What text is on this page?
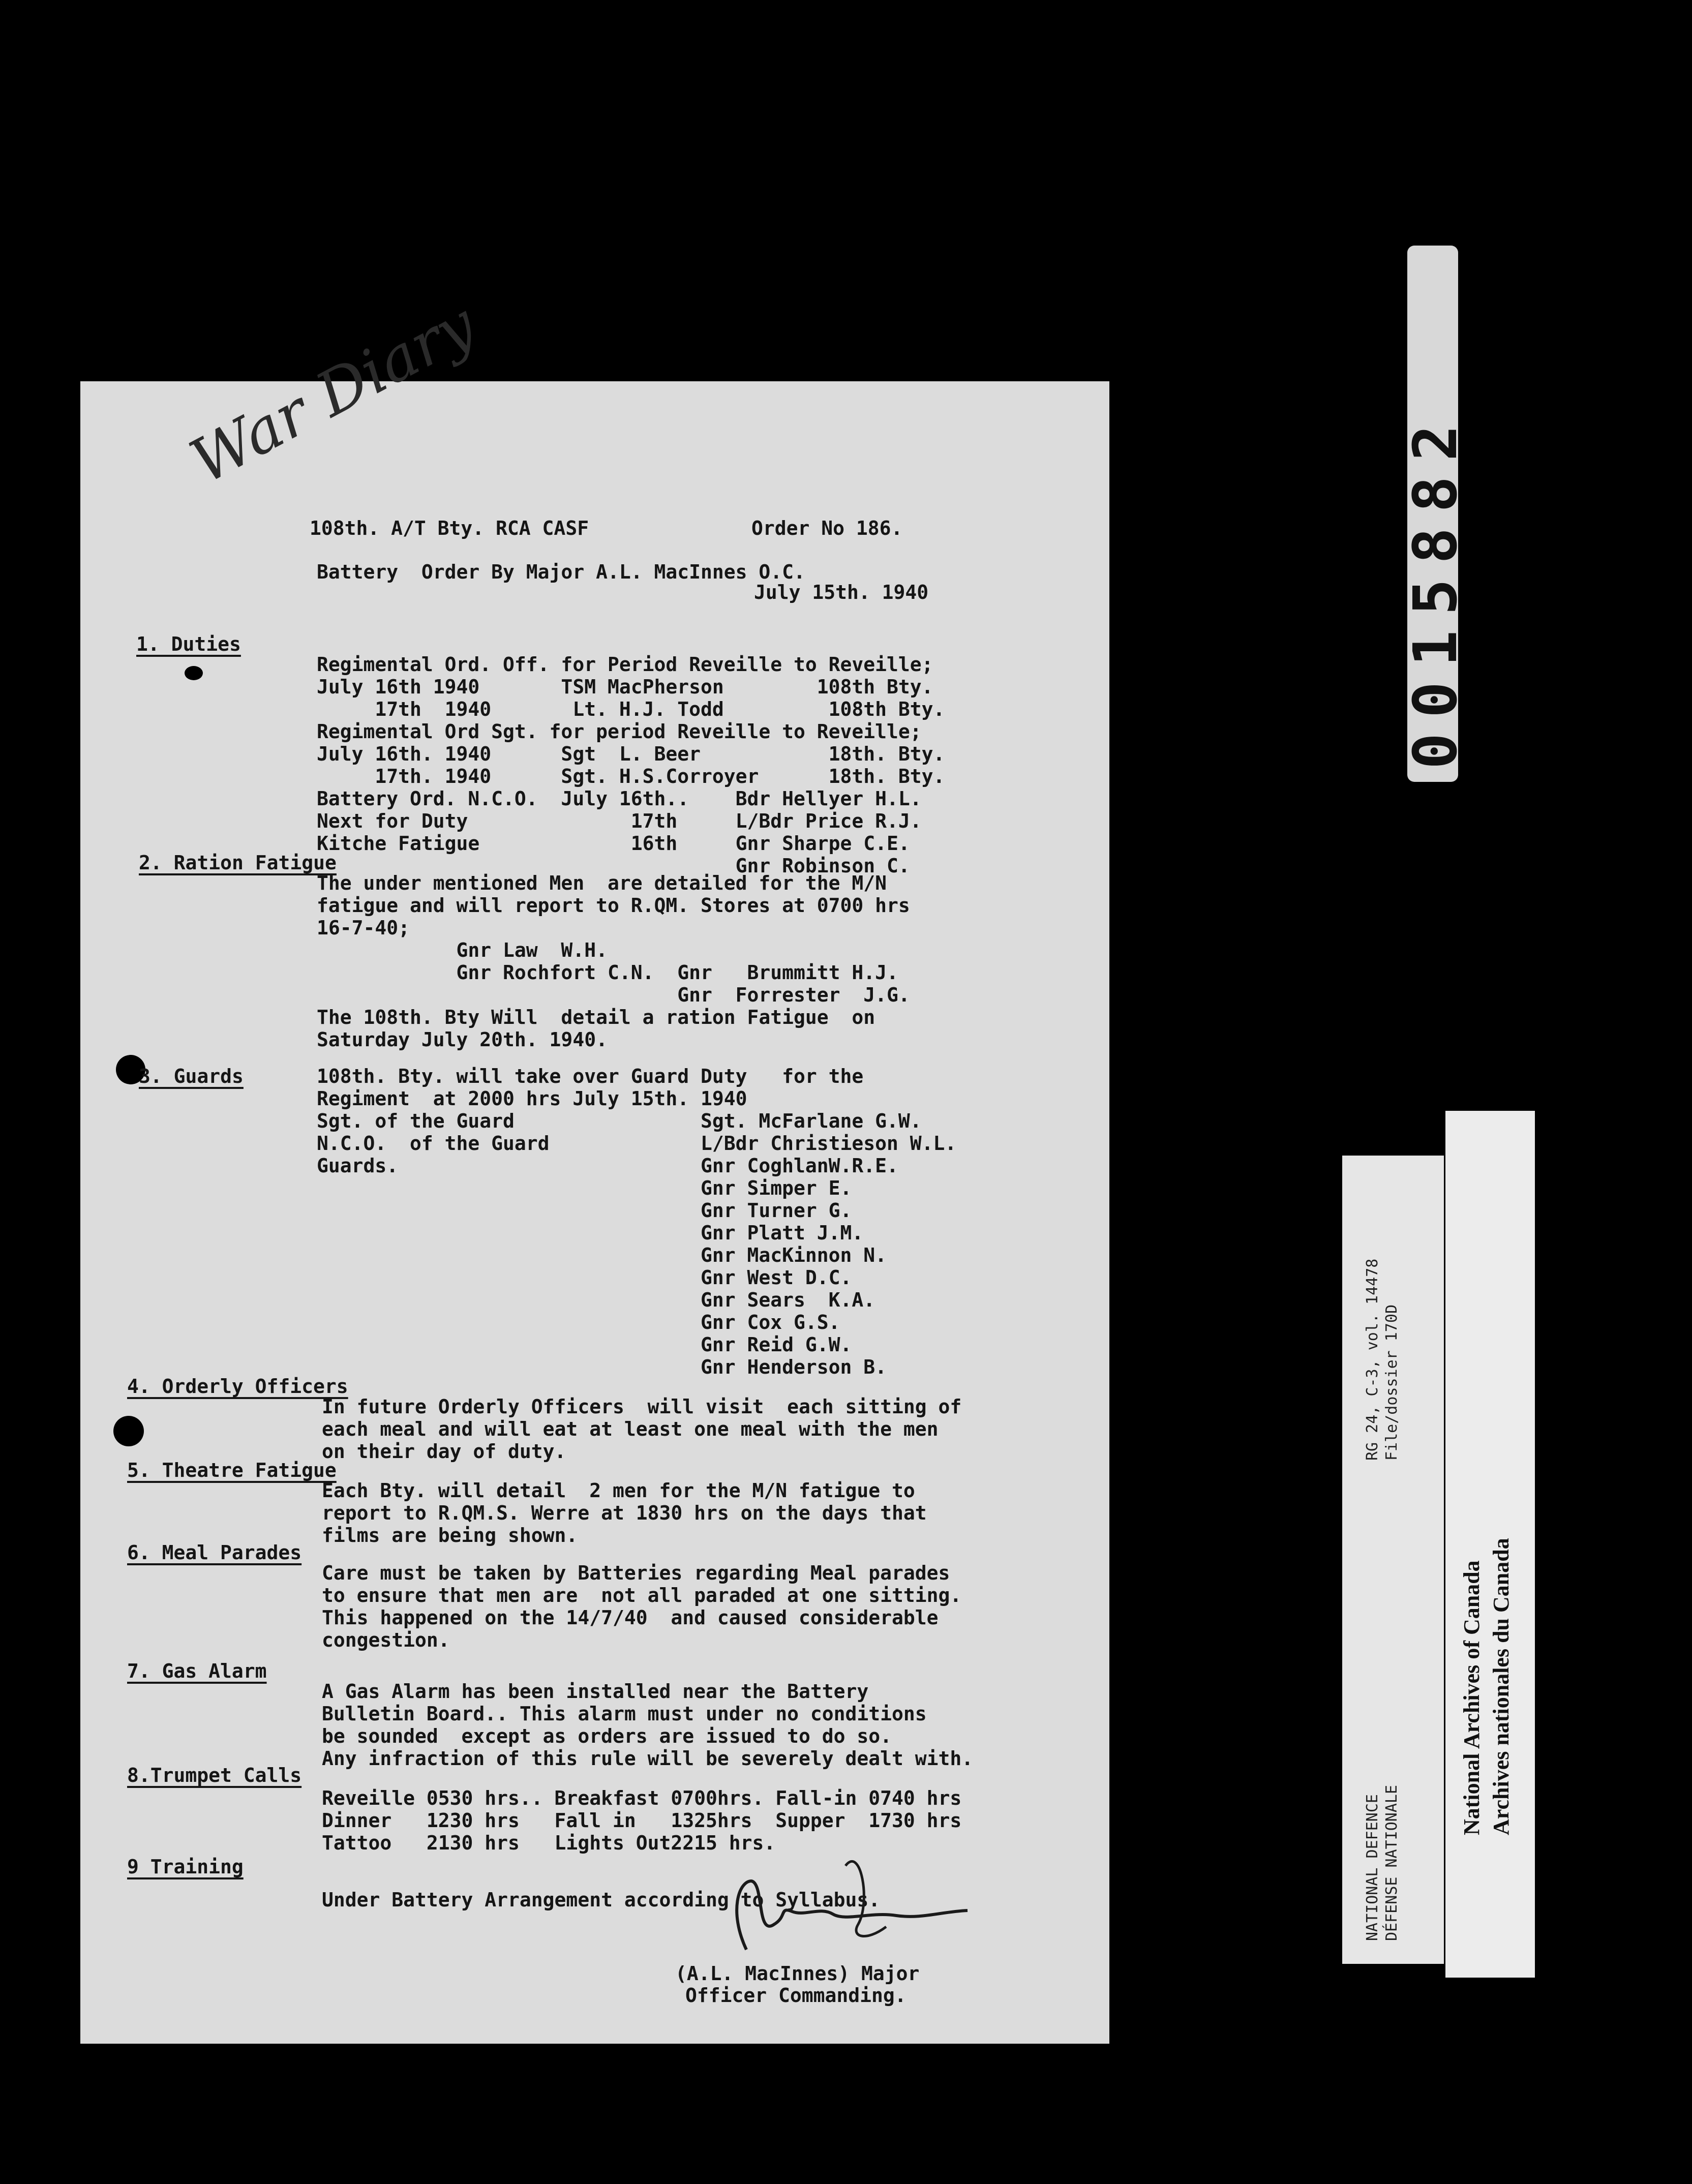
War Diary
108th. A/T Bty. RCA CASF	Order No 186.
Battery  Order By Major A.L. MacInnes O.C.
July 15th. 1940
1. Duties
Regimental Ord. Off. for Period Reveille to Reveille;
July 16th 1940       TSM MacPherson        108th Bty.
17th  1940       Lt. H.J. Todd         108th Bty.
Regimental Ord Sgt. for period Reveille to Reveille;
July 16th. 1940      Sgt  L. Beer           18th. Bty.
17th. 1940      Sgt. H.S.Corroyer      18th. Bty.
Battery Ord. N.C.O.  July 16th..    Bdr Hellyer H.L.
Next for Duty              17th     L/Bdr Price R.J.
Kitche Fatigue             16th     Gnr Sharpe C.E.
Gnr Robinson C.
2. Ration Fatigue
The under mentioned Men  are detailed for the M/N
fatigue and will report to R.QM. Stores at 0700 hrs
16-7-40;
Gnr Law  W.H.
Gnr Rochfort C.N.  Gnr   Brummitt H.J.
Gnr  Forrester  J.G.
The 108th. Bty Will  detail a ration Fatigue  on
Saturday July 20th. 1940.
3. Guards	108th. Bty. will take over Guard Duty   for the
Regiment  at 2000 hrs July 15th. 1940
Sgt. of the Guard                Sgt. McFarlane G.W.
N.C.O.  of the Guard             L/Bdr Christieson W.L.
Guards.                          Gnr CoghlanW.R.E.
Gnr Simper E.
Gnr Turner G.
Gnr Platt J.M.
Gnr MacKinnon N.
Gnr West D.C.
Gnr Sears  K.A.
Gnr Cox G.S.
Gnr Reid G.W.
Gnr Henderson B.
4. Orderly Officers
In future Orderly Officers  will visit  each sitting of
each meal and will eat at least one meal with the men
on their day of duty.
5. Theatre Fatigue
Each Bty. will detail  2 men for the M/N fatigue to
report to R.QM.S. Werre at 1830 hrs on the days that
films are being shown.
6. Meal Parades
Care must be taken by Batteries regarding Meal parades
to ensure that men are  not all paraded at one sitting.
This happened on the 14/7/40  and caused considerable
congestion.
7. Gas Alarm
A Gas Alarm has been installed near the Battery
Bulletin Board.. This alarm must under no conditions
be sounded  except as orders are issued to do so.
Any infraction of this rule will be severely dealt with.
8.Trumpet Calls
Reveille 0530 hrs.. Breakfast 0700hrs. Fall-in 0740 hrs
Dinner   1230 hrs   Fall in   1325hrs  Supper  1730 hrs
Tattoo   2130 hrs   Lights Out2215 hrs.
9 Training
Under Battery Arrangement according to Syllabus.
(A.L. MacInnes) Major
Officer Commanding.
0015882
RG 24, C-3, vol. 14478 File/dossier 170D
NATIONAL DEFENCE DÉFENSE NATIONALE
National Archives of Canada Archives nationales du Canada
